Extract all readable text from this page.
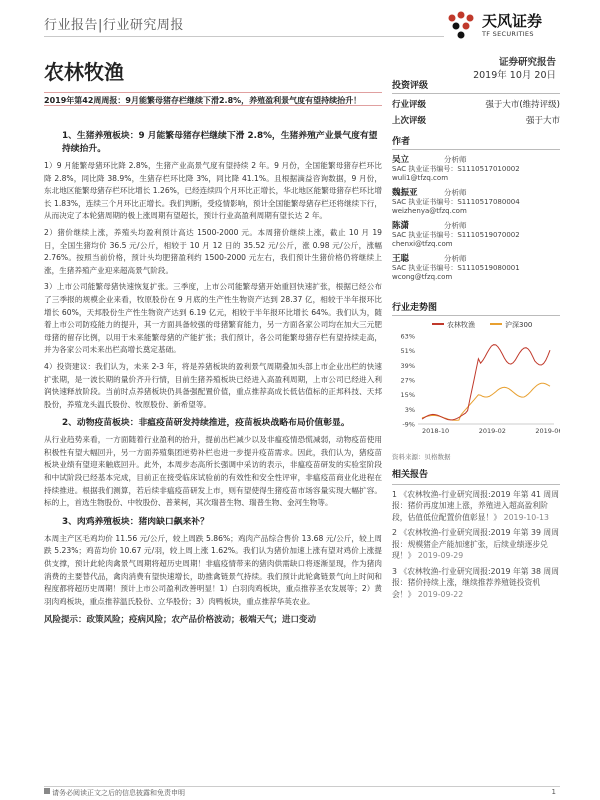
行业报告|行业研究周报	天风证券
TF SECURITIES
农林牧渔	证券研究报告
2019年 10月 20日
2019年第42周周报：9月能繁母猪存栏继续下滑2.8%，养殖盈利景气度有望持续抬升！
1、生猪养殖板块：9 月能繁母猪存栏继续下滑 2.8%，生猪养殖产业景气度有望持续抬升。

1）9 月能繁母猪环比降 2.8%，生猪产业高景气度有望持续 2 年。9 月份，全国能繁母猪存栏环比降 2.8%，同比降 38.9%，生猪存栏环比降 3%，同比降 41.1%。且根据滴益咨询数据，9 月份，东北地区能繁母猪存栏环比增长 1.26%，已经连续四个月环比正增长，华北地区能繁母猪存栏环比增长 1.83%，连续三个月环比正增长。我们判断，受疫情影响，预计全国能繁母猪存栏还将继续下行，从而决定了本轮猪周期的极上涨周期有望超长，预计行业高盈利周期有望长达 2 年。

2）猪价继续上涨，养殖头均盈利预计高达 1500-2000 元。本周猪价继续上涨，截止 10 月 19 日，全国生猪均价 36.5 元/公斤，相较于 10 月 12 日的 35.52 元/公斤，涨 0.98 元/公斤，涨幅 2.76%。按照当前价格，预计头均肥猪盈利约 1500-2000 元左右，我们预计生猪价格仍将继续上涨，生猪养殖产业迎来超高景气阶段。

3）上市公司能繁母猪快速恢复扩张。三季度，上市公司能繁母猪开始重回快速扩张，根据已经公布了三季报的规模企业来看，牧原股份在 9 月底的生产性生物资产达到 28.37 亿，相较于半年报环比增长 60%，天邦股份生产性生物资产达到 6.19 亿元，相较于半年报环比增长 64%。我们认为，随着上市公司防疫能力的提升，其一方面具备较强的母猪繁育能力，另一方面各家公司均在加大三元肥母猪的留存比例，以用于未来能繁母猪的产能扩张；我们预计，各公司能繁母猪存栏有望持续走高，并为各家公司未来出栏高增长奠定基础。

4）投资建议：我们认为，未来 2-3 年，将是养猪板块的盈利景气周期叠加头部上市企业出栏的快速扩张期，是一波长期的量价齐升行情，目前生猪养殖板块已经进入高盈利周期，上市公司已经进入利润快速释放阶段。当前时点养猪板块仍具备强配置价值，重点推荐高成长低估值标的正邦科技、天邦股份，养殖龙头温氏股份、牧原股份、新希望等。

2、动物疫苗板块：非瘟疫苗研发持续推进，疫苗板块战略布局价值彰显。

从行业趋势来看，一方面随着行业盈利的抬升，提前出栏减少以及非瘟疫情恐慌减弱，动物疫苗使用积极性有望大幅回升，另一方面养殖集团逆势补栏也进一步提升疫苗需求。因此，我们认为，猪疫苗板块业绩有望迎来触底回升。此外，本周步态高所长强调中采访的表示，非瘟疫苗研发的实验室阶段和中试阶段已经基本完成，目前正在接受临床试验前的有效性和安全性评审，非瘟疫苗商业化进程在持续推进。根据我们测算，若后续非瘟疫苗研发上市，则有望使得生猪疫苗市场容量实现大幅扩容。标的上，首选生物股份、中牧股份、普莱柯，其次瑞普生物、瑞普生物、金河生物等。

3、肉鸡养殖板块：猪肉缺口飙来补？

本周主产区毛鸡均价 11.56 元/公斤，较上周跌 5.86%；鸡肉产品综合售价 13.68 元/公斤，较上周跌 5.23%；鸡苗均价 10.67 元/羽，较上周上涨 1.62%。我们认为猪价加速上涨有望对鸡价上涨提供支撑，预计此轮肉禽景气周期将超历史周期！非瘟疫情带来的猪肉供需缺口将逐渐显现，作为猪肉消费的主要替代品，禽肉消费有望快速增长，助推禽链景气持续。我们预计此轮禽链景气向上时间和程度都将超历史周期！预计上市公司盈利改善明显！1）白羽肉鸡板块，重点推荐圣农发展等；2）黄羽肉鸡板块，重点推荐温氏股份、立华股份；3）肉鸭板块，重点推荐华英农业。

风险提示：政策风险；疫病风险；农产品价格波动；极端天气；进口变动
投资评级
行业评级	强于大市(维持评级)
上次评级	强于大市
作者
吴立	分析师
SAC 执业证书编号：S1110517010002
wuli1@tfzq.com
魏振亚	分析师
SAC 执业证书编号：S1110517080004
weizhenya@tfzq.com
陈潇	分析师
SAC 执业证书编号：S1110519070002
chenxi@tfzq.com
王聪	分析师
SAC 执业证书编号：S1110519080001
wcong@tfzq.com
行业走势图
农林牧渔	沪深300
63%
51%
39%
27%
15%
3%
-9%
2018-10	2019-02	2019-06
资料来源：贝格数据
相关报告

1 《农林牧渔-行业研究周报:2019 年第 41 周周报：猪价再度加速上涨，养殖进入超高盈利阶段，估值低位配置价值彰显！》 2019-10-13

2 《农林牧渔-行业研究周报:2019 年第 39 周周报：规模猪企产能加速扩张，后续业绩逐步兑现！》 2019-09-29

3 《农林牧渔-行业研究周报:2019 年第 38 周周报：猪价持续上涨，继续推荐养殖链投资机会！》 2019-09-22

请务必阅读正文之后的信息披露和免责申明	1
